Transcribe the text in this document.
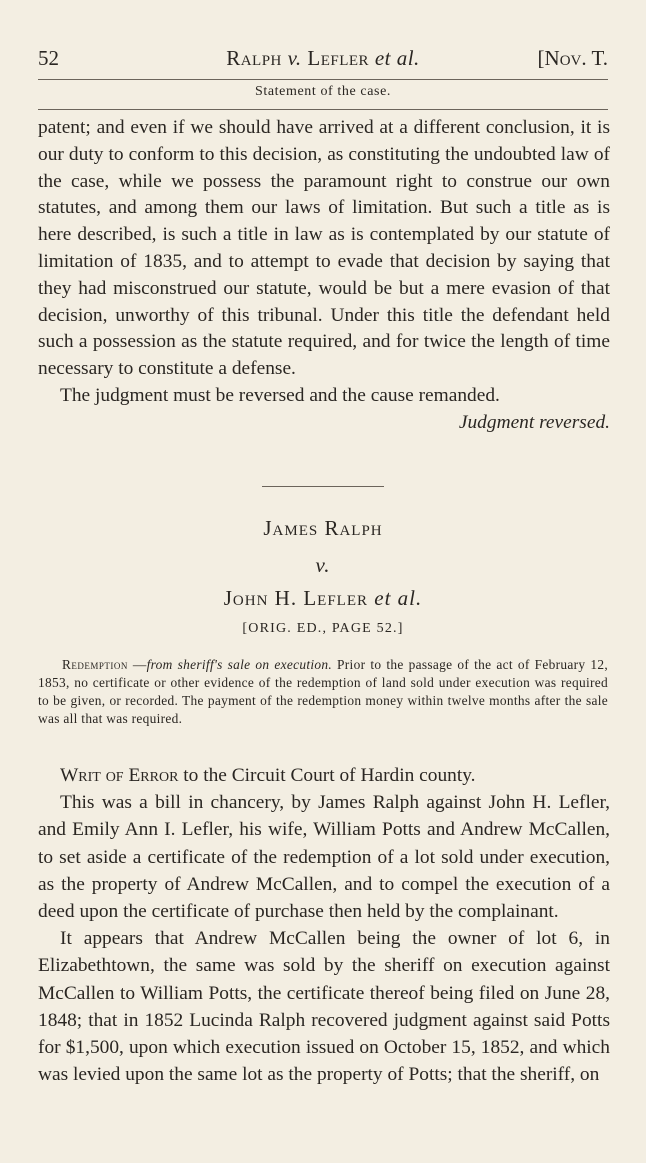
52	Ralph v. Lefler et al.	[Nov. T.
Statement of the case.

patent; and even if we should have arrived at a different conclusion, it is our duty to conform to this decision, as constituting the undoubted law of the case, while we possess the paramount right to construe our own statutes, and among them our laws of limitation. But such a title as is here described, is such a title in law as is contemplated by our statute of limitation of 1835, and to attempt to evade that decision by saying that they had misconstrued our statute, would be but a mere evasion of that decision, unworthy of this tribunal. Under this title the defendant held such a possession as the statute required, and for twice the length of time necessary to constitute a defense.

The judgment must be reversed and the cause remanded.

Judgment reversed.

James Ralph
v.
John H. Lefler et al.
[ORIG. ED., PAGE 52.]

Redemption —from sheriff's sale on execution. Prior to the passage of the act of February 12, 1853, no certificate or other evidence of the redemption of land sold under execution was required to be given, or recorded. The payment of the redemption money within twelve months after the sale was all that was required.

Writ of Error to the Circuit Court of Hardin county.

This was a bill in chancery, by James Ralph against John H. Lefler, and Emily Ann I. Lefler, his wife, William Potts and Andrew McCallen, to set aside a certificate of the redemption of a lot sold under execution, as the property of Andrew McCallen, and to compel the execution of a deed upon the certificate of purchase then held by the complainant.

It appears that Andrew McCallen being the owner of lot 6, in Elizabethtown, the same was sold by the sheriff on execution against McCallen to William Potts, the certificate thereof being filed on June 28, 1848; that in 1852 Lucinda Ralph recovered judgment against said Potts for $1,500, upon which execution issued on October 15, 1852, and which was levied upon the same lot as the property of Potts; that the sheriff, on
